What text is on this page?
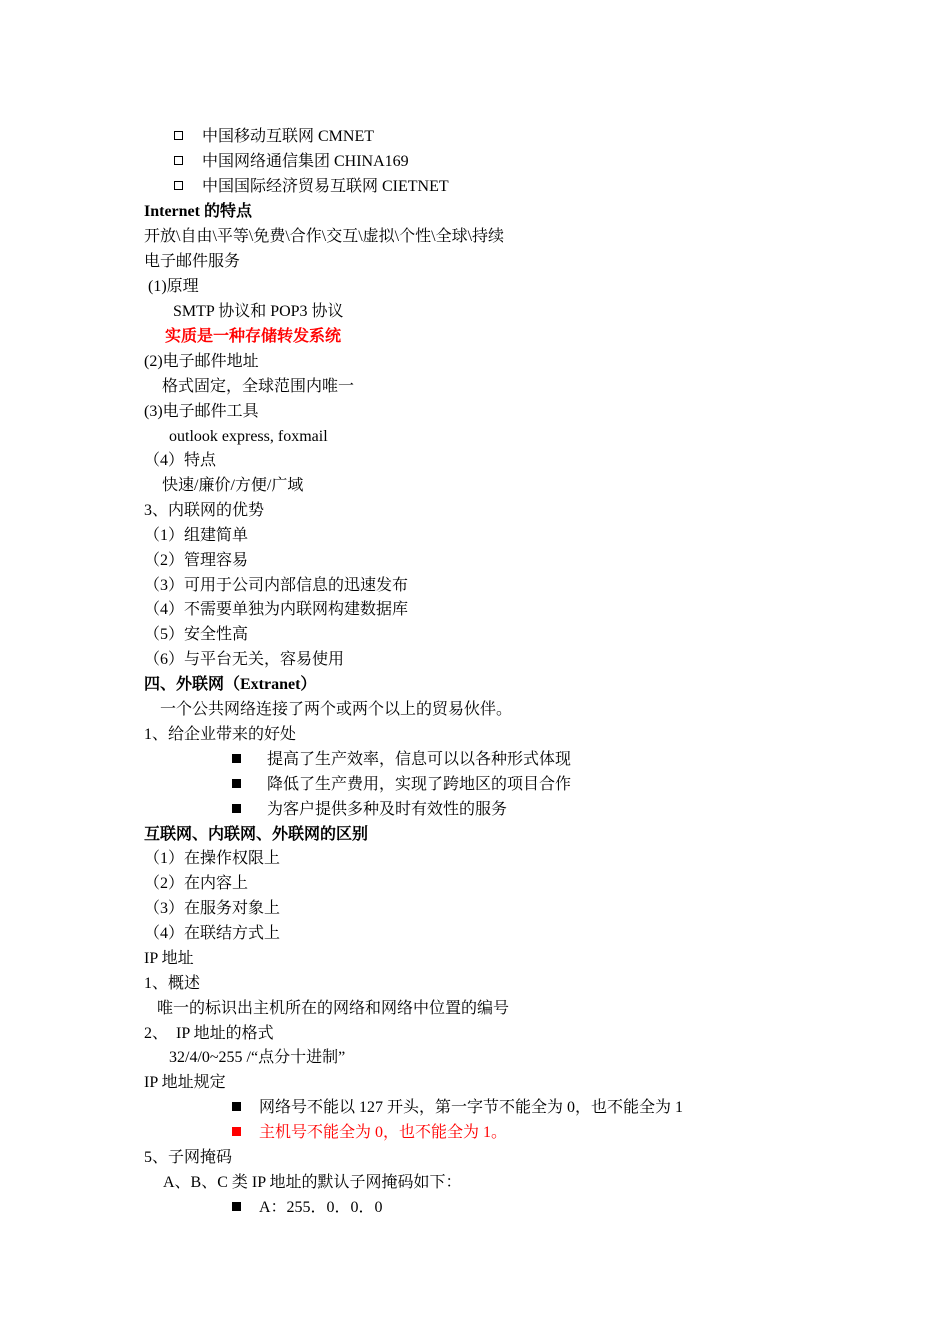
中国移动互联网 CMNET
中国网络通信集团 CHINA169
中国国际经济贸易互联网 CIETNET
Internet 的特点
开放\自由\平等\免费\合作\交互\虚拟\个性\全球\持续
电子邮件服务
(1)原理
SMTP 协议和 POP3 协议
实质是一种存储转发系统
(2)电子邮件地址
格式固定，全球范围内唯一
(3)电子邮件工具
outlook express, foxmail
（4）特点
快速/廉价/方便/广域
3、内联网的优势
（1）组建简单
（2）管理容易
（3）可用于公司内部信息的迅速发布
（4）不需要单独为内联网构建数据库
（5）安全性高
（6）与平台无关，容易使用
四、外联网（Extranet）
一个公共网络连接了两个或两个以上的贸易伙伴。
1、给企业带来的好处
提高了生产效率，信息可以以各种形式体现
降低了生产费用，实现了跨地区的项目合作
为客户提供多种及时有效性的服务
互联网、内联网、外联网的区别
（1）在操作权限上
（2）在内容上
（3）在服务对象上
（4）在联结方式上
IP 地址
1、概述
唯一的标识出主机所在的网络和网络中位置的编号
2、  IP 地址的格式
32/4/0~255 /“点分十进制”
IP 地址规定
网络号不能以 127 开头，第一字节不能全为 0，也不能全为 1
主机号不能全为 0，也不能全为 1。
5、子网掩码
A、B、C 类 IP 地址的默认子网掩码如下：
A：255．0．0．0
